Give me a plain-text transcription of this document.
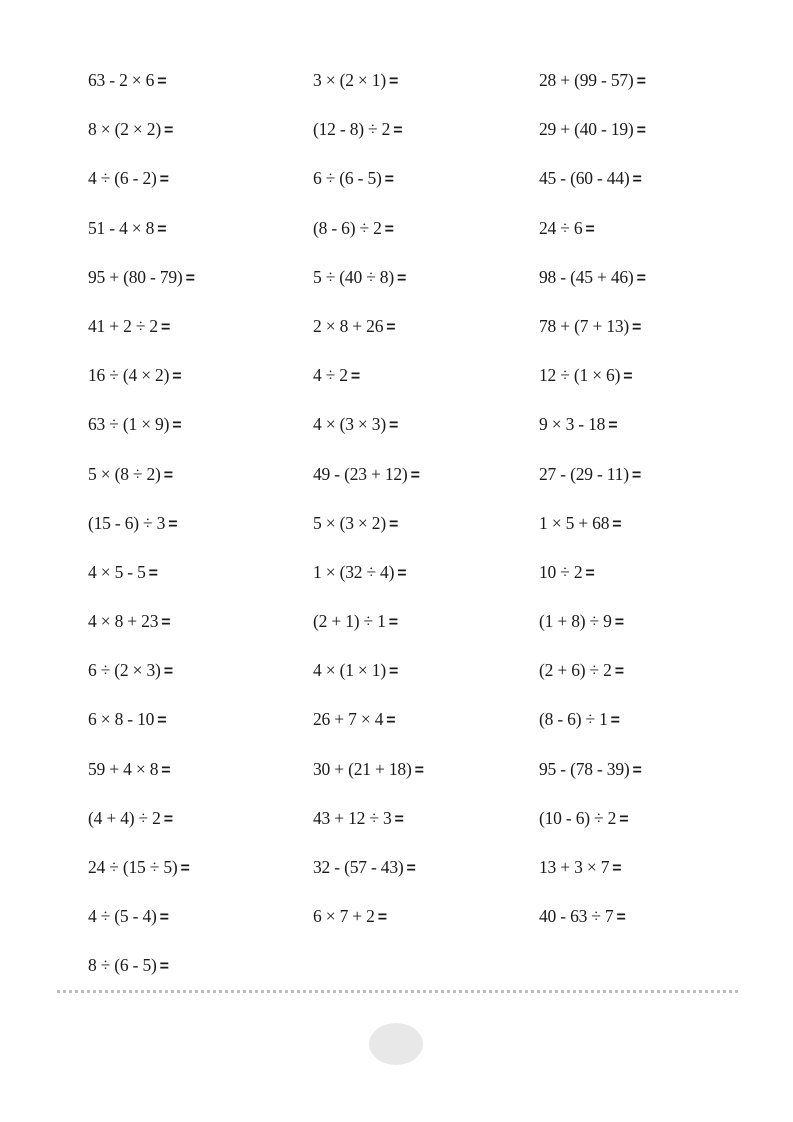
63 - 2 × 6 =
8 × (2 × 2) =
4 ÷ (6 - 2) =
51 - 4 × 8 =
95 + (80 - 79) =
41 + 2 ÷ 2 =
16 ÷ (4 × 2) =
63 ÷ (1 × 9) =
5 × (8 ÷ 2) =
(15 - 6) ÷ 3 =
4 × 5 - 5 =
4 × 8 + 23 =
6 ÷ (2 × 3) =
6 × 8 - 10 =
59 + 4 × 8 =
(4 + 4) ÷ 2 =
24 ÷ (15 ÷ 5) =
4 ÷ (5 - 4) =
8 ÷ (6 - 5) =
3 × (2 × 1) =
(12 - 8) ÷ 2 =
6 ÷ (6 - 5) =
(8 - 6) ÷ 2 =
5 ÷ (40 ÷ 8) =
2 × 8 + 26 =
4 ÷ 2 =
4 × (3 × 3) =
49 - (23 + 12) =
5 × (3 × 2) =
1 × (32 ÷ 4) =
(2 + 1) ÷ 1 =
4 × (1 × 1) =
26 + 7 × 4 =
30 + (21 + 18) =
43 + 12 ÷ 3 =
32 - (57 - 43) =
6 × 7 + 2 =
28 + (99 - 57) =
29 + (40 - 19) =
45 - (60 - 44) =
24 ÷ 6 =
98 - (45 + 46) =
78 + (7 + 13) =
12 ÷ (1 × 6) =
9 × 3 - 18 =
27 - (29 - 11) =
1 × 5 + 68 =
10 ÷ 2 =
(1 + 8) ÷ 9 =
(2 + 6) ÷ 2 =
(8 - 6) ÷ 1 =
95 - (78 - 39) =
(10 - 6) ÷ 2 =
13 + 3 × 7 =
40 - 63 ÷ 7 =
